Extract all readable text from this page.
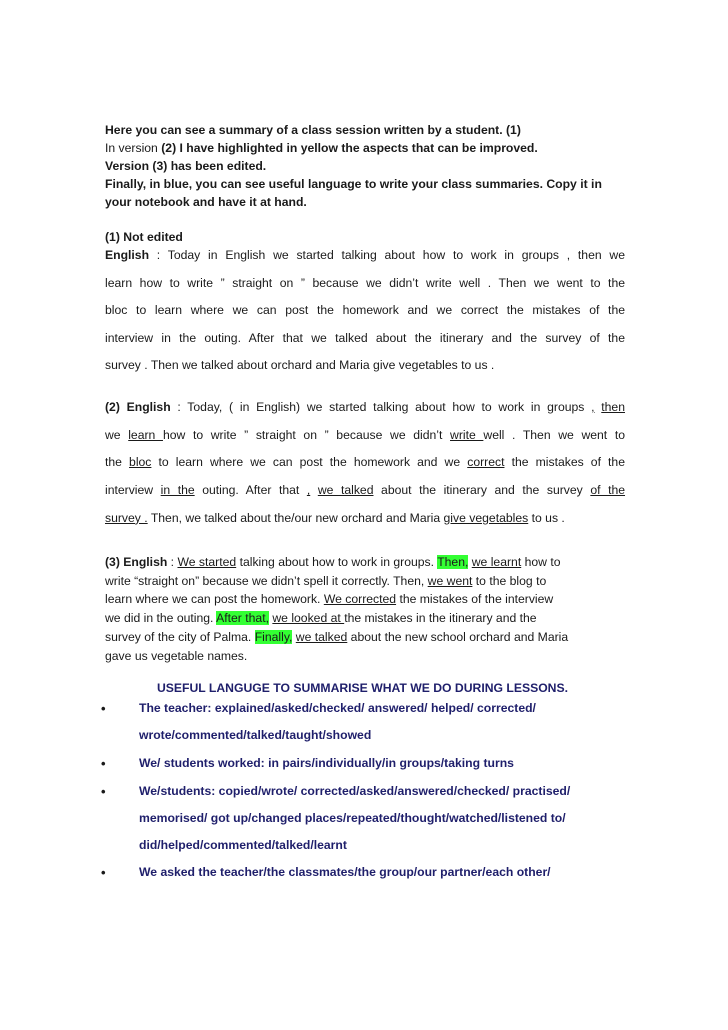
Here you can see a summary of a class session written by a student. (1)
In version (2) I have highlighted in yellow the aspects that can be improved.
Version (3) has been edited.
Finally, in blue, you can see useful language to write your class summaries. Copy it in your notebook and have it at hand.
(1) Not edited
English : Today in English we started talking about how to work in groups , then we
learn how to write ” straight on ” because we didn’t write well . Then we went to the
bloc to learn where we can post the homework and we correct the mistakes of the
interview in the outing. After that we talked about the itinerary and the survey of the
survey . Then we talked about orchard and Maria give vegetables to us .
(2) English : Today, ( in English) we started talking about how to work in groups , then
we learn how to write ” straight on ” because we didn’t write well . Then we went to
the bloc to learn where we can post the homework and we correct the mistakes of the
interview in the outing. After that , we talked about the itinerary and the survey of the
survey . Then, we talked about the/our new orchard and Maria give vegetables to us .
(3) English : We started talking about how to work in groups. Then, we learnt how to
write “straight on” because we didn’t spell it correctly. Then, we went to the blog to
learn where we can post the homework. We corrected the mistakes of the interview
we did in the outing. After that, we looked at the mistakes in the itinerary and the
survey of the city of Palma. Finally, we talked about the new school orchard and Maria
gave us vegetable names.
USEFUL LANGUGE TO SUMMARISE WHAT WE DO DURING LESSONS.
•	The teacher: explained/asked/checked/ answered/ helped/ corrected/
wrote/commented/talked/taught/showed
•	We/ students worked: in pairs/individually/in groups/taking turns
•	We/students: copied/wrote/ corrected/asked/answered/checked/ practised/
memorised/ got up/changed places/repeated/thought/watched/listened to/
did/helped/commented/talked/learnt
•	We asked the teacher/the classmates/the group/our partner/each other/
